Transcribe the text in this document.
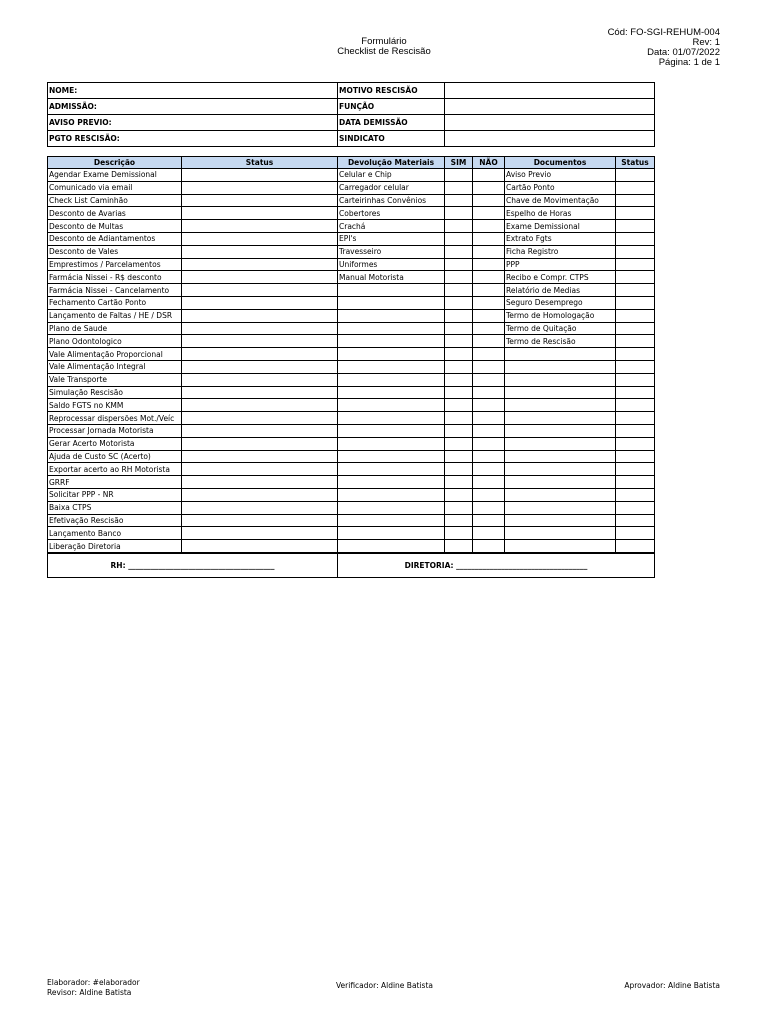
Formulário
Checklist de Rescisão
Cód: FO-SGI-REHUM-004
Rev: 1
Data: 01/07/2022
Página: 1 de 1
NOME:	MOTIVO RESCISÃO	
ADMISSÃO:	FUNÇÃO	
AVISO PREVIO:	DATA DEMISSÃO	
PGTO RESCISÃO:	SINDICATO	
Descrição	Status	Devolução Materiais	SIM	NÃO	Documentos	Status
Agendar Exame Demissional		Celular e Chip			Aviso Previo	
Comunicado via email		Carregador celular			Cartão Ponto	
Check List Caminhão		Carteirinhas Convênios			Chave de Movimentação	
Desconto de Avarias		Cobertores			Espelho de Horas	
Desconto de Multas		Crachá			Exame Demissional	
Desconto de Adiantamentos		EPI's			Extrato Fgts	
Desconto de Vales		Travesseiro			Ficha Registro	
Emprestimos / Parcelamentos		Uniformes			PPP	
Farmácia Nissei - R$ desconto		Manual Motorista			Recibo e Compr. CTPS	
Farmácia Nissei - Cancelamento					Relatório de Medias	
Fechamento Cartão Ponto					Seguro Desemprego	
Lançamento de Faltas / HE / DSR					Termo de Homologação	
Plano de Saude					Termo de Quitação	
Plano Odontologico					Termo de Rescisão	
Vale Alimentação Proporcional						
Vale Alimentação Integral						
Vale Transporte						
Simulação Rescisão						
Saldo FGTS no KMM						
Reprocessar dispersões Mot./Veíc						
Processar Jornada Motorista						
Gerar Acerto Motorista						
Ajuda de Custo SC (Acerto)						
Exportar acerto ao RH Motorista						
GRRF						
Solicitar PPP - NR						
Baixa CTPS						
Efetivação Rescisão						
Lançamento Banco						
Liberação Diretoria						
RH: _______________________________________	DIRETORIA: ___________________________________
Elaborador: #elaborador
Revisor: Aldine Batista
Verificador: Aldine Batista	Aprovador: Aldine Batista
